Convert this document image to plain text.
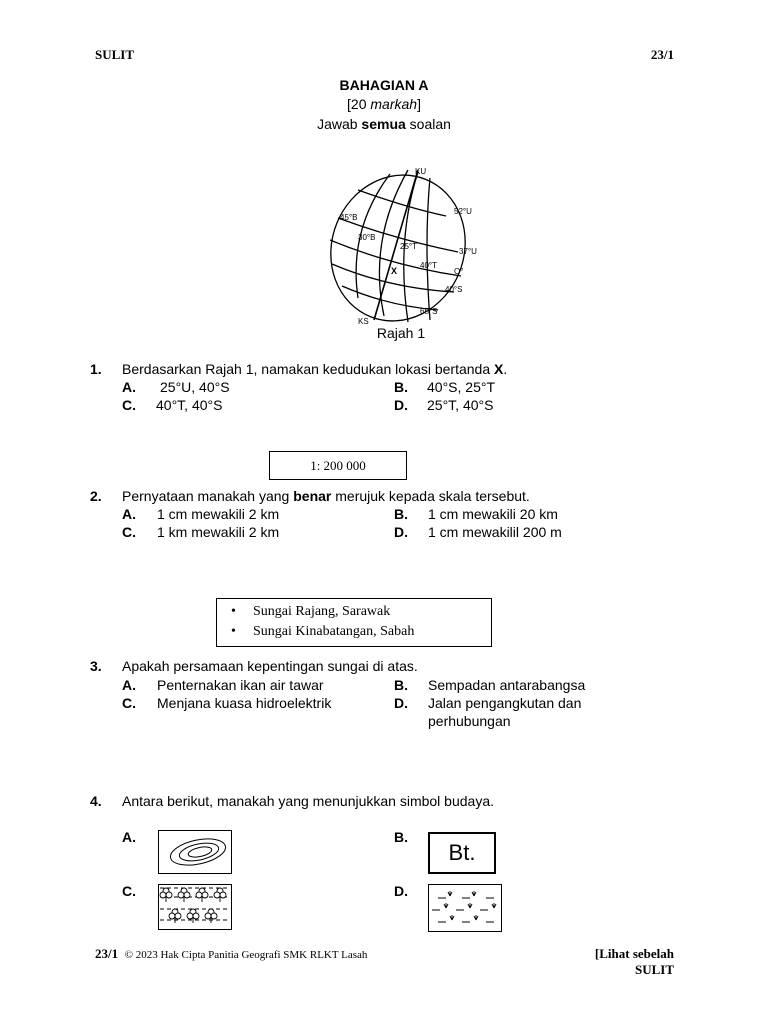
SULIT	23/1
BAHAGIAN A
[20 markah]
Jawab semua soalan
KU
KS
52°U
37°U
O°
40°S
65°S
45°B
30°B
25°T
40°T
X
Rajah 1
1. Berdasarkan Rajah 1, namakan kedudukan lokasi bertanda X.
A. 25°U, 40°S	B. 40°S, 25°T
C. 40°T, 40°S	D. 25°T, 40°S
1: 200 000
2. Pernyataan manakah yang benar merujuk kepada skala tersebut.
A. 1 cm mewakili 2 km	B. 1 cm mewakili 20 km
C. 1 km mewakili 2 km	D. 1 cm mewakilil 200 m
• Sungai Rajang, Sarawak
• Sungai Kinabatangan, Sabah
3. Apakah persamaan kepentingan sungai di atas.
A. Penternakan ikan air tawar	B. Sempadan antarabangsa
C. Menjana kuasa hidroelektrik	D. Jalan pengangkutan dan
perhubungan
4. Antara berikut, manakah yang menunjukkan simbol budaya.
A.	B.
Bt.
C.	D.
23/1 © 2023 Hak Cipta Panitia Geografi SMK RLKT Lasah	[Lihat sebelah
SULIT
